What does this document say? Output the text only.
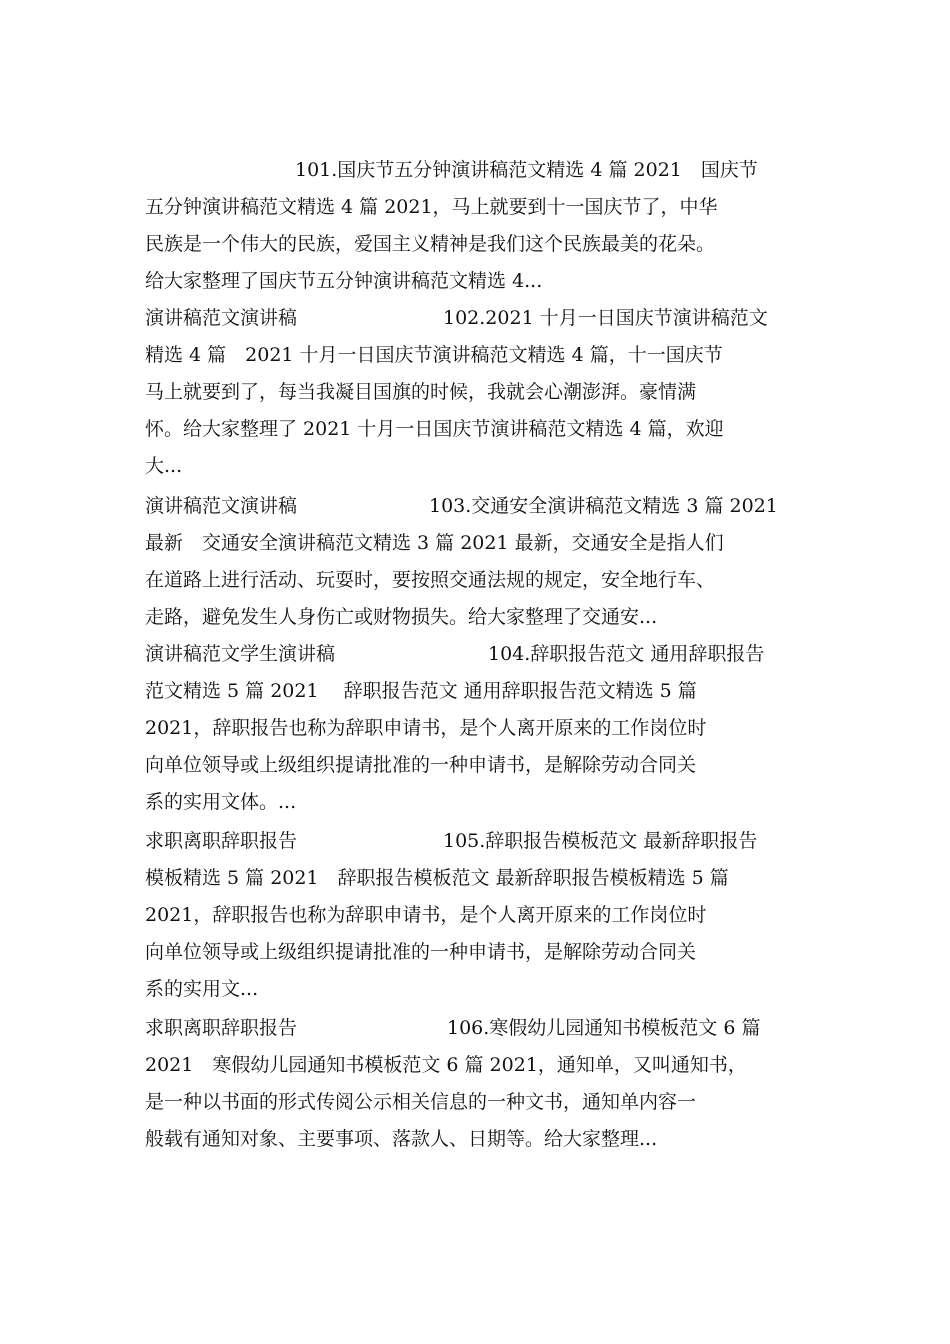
101.国庆节五分钟演讲稿范文精选 4 篇 2021　国庆节
五分钟演讲稿范文精选 4 篇 2021，马上就要到十一国庆节了，中华
民族是一个伟大的民族，爱国主义精神是我们这个民族最美的花朵。
给大家整理了国庆节五分钟演讲稿范文精选 4...
演讲稿范文演讲稿	102.2021 十月一日国庆节演讲稿范文
精选 4 篇　2021 十月一日国庆节演讲稿范文精选 4 篇，十一国庆节
马上就要到了，每当我凝目国旗的时候，我就会心潮澎湃。豪情满
怀。给大家整理了 2021 十月一日国庆节演讲稿范文精选 4 篇，欢迎
大...
演讲稿范文演讲稿	103.交通安全演讲稿范文精选 3 篇 2021
最新　交通安全演讲稿范文精选 3 篇 2021 最新，交通安全是指人们
在道路上进行活动、玩耍时，要按照交通法规的规定，安全地行车、
走路，避免发生人身伤亡或财物损失。给大家整理了交通安...
演讲稿范文学生演讲稿	104.辞职报告范文 通用辞职报告
范文精选 5 篇 2021　 辞职报告范文 通用辞职报告范文精选 5 篇
2021，辞职报告也称为辞职申请书，是个人离开原来的工作岗位时
向单位领导或上级组织提请批准的一种申请书，是解除劳动合同关
系的实用文体。...
求职离职辞职报告	105.辞职报告模板范文 最新辞职报告
模板精选 5 篇 2021　辞职报告模板范文 最新辞职报告模板精选 5 篇
2021，辞职报告也称为辞职申请书，是个人离开原来的工作岗位时
向单位领导或上级组织提请批准的一种申请书，是解除劳动合同关
系的实用文...
求职离职辞职报告	106.寒假幼儿园通知书模板范文 6 篇
2021　寒假幼儿园通知书模板范文 6 篇 2021，通知单，又叫通知书，
是一种以书面的形式传阅公示相关信息的一种文书，通知单内容一
般载有通知对象、主要事项、落款人、日期等。给大家整理...
